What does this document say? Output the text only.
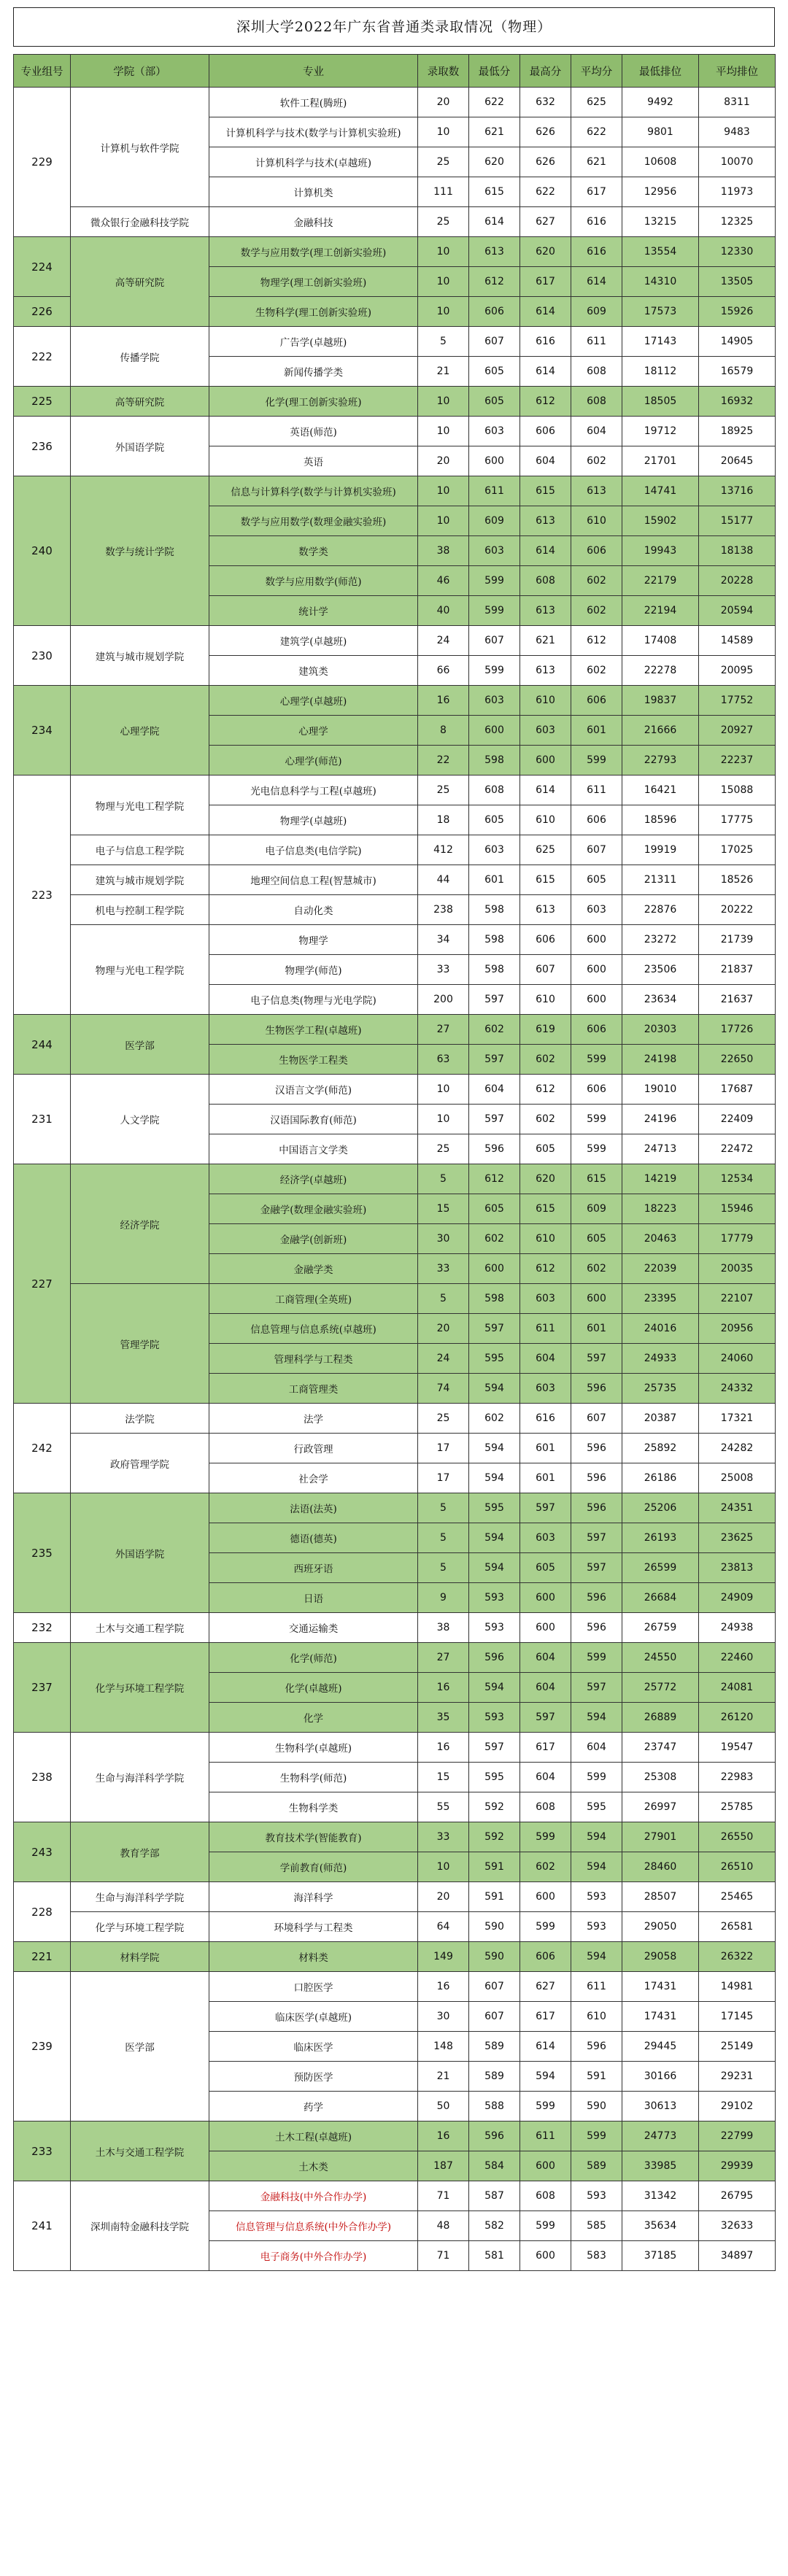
深圳大学2022年广东省普通类录取情况（物理）
专业组号	学院（部）	专业	录取数	最低分	最高分	平均分	最低排位	平均排位
229	计算机与软件学院	软件工程(腾班)	20	622	632	625	9492	8311
		计算机科学与技术(数学与计算机实验班)	10	621	626	622	9801	9483
		计算机科学与技术(卓越班)	25	620	626	621	10608	10070
		计算机类	111	615	622	617	12956	11973
	微众银行金融科技学院	金融科技	25	614	627	616	13215	12325
224	高等研究院	数学与应用数学(理工创新实验班)	10	613	620	616	13554	12330
		物理学(理工创新实验班)	10	612	617	614	14310	13505
226		生物科学(理工创新实验班)	10	606	614	609	17573	15926
222	传播学院	广告学(卓越班)	5	607	616	611	17143	14905
		新闻传播学类	21	605	614	608	18112	16579
225	高等研究院	化学(理工创新实验班)	10	605	612	608	18505	16932
236	外国语学院	英语(师范)	10	603	606	604	19712	18925
		英语	20	600	604	602	21701	20645
240	数学与统计学院	信息与计算科学(数学与计算机实验班)	10	611	615	613	14741	13716
		数学与应用数学(数理金融实验班)	10	609	613	610	15902	15177
		数学类	38	603	614	606	19943	18138
		数学与应用数学(师范)	46	599	608	602	22179	20228
		统计学	40	599	613	602	22194	20594
230	建筑与城市规划学院	建筑学(卓越班)	24	607	621	612	17408	14589
		建筑类	66	599	613	602	22278	20095
234	心理学院	心理学(卓越班)	16	603	610	606	19837	17752
		心理学	8	600	603	601	21666	20927
		心理学(师范)	22	598	600	599	22793	22237
223	物理与光电工程学院	光电信息科学与工程(卓越班)	25	608	614	611	16421	15088
		物理学(卓越班)	18	605	610	606	18596	17775
	电子与信息工程学院	电子信息类(电信学院)	412	603	625	607	19919	17025
	建筑与城市规划学院	地理空间信息工程(智慧城市)	44	601	615	605	21311	18526
	机电与控制工程学院	自动化类	238	598	613	603	22876	20222
	物理与光电工程学院	物理学	34	598	606	600	23272	21739
		物理学(师范)	33	598	607	600	23506	21837
		电子信息类(物理与光电学院)	200	597	610	600	23634	21637
244	医学部	生物医学工程(卓越班)	27	602	619	606	20303	17726
		生物医学工程类	63	597	602	599	24198	22650
231	人文学院	汉语言文学(师范)	10	604	612	606	19010	17687
		汉语国际教育(师范)	10	597	602	599	24196	22409
		中国语言文学类	25	596	605	599	24713	22472
227	经济学院	经济学(卓越班)	5	612	620	615	14219	12534
		金融学(数理金融实验班)	15	605	615	609	18223	15946
		金融学(创新班)	30	602	610	605	20463	17779
		金融学类	33	600	612	602	22039	20035
	管理学院	工商管理(全英班)	5	598	603	600	23395	22107
		信息管理与信息系统(卓越班)	20	597	611	601	24016	20956
		管理科学与工程类	24	595	604	597	24933	24060
		工商管理类	74	594	603	596	25735	24332
242	法学院	法学	25	602	616	607	20387	17321
	政府管理学院	行政管理	17	594	601	596	25892	24282
		社会学	17	594	601	596	26186	25008
235	外国语学院	法语(法英)	5	595	597	596	25206	24351
		德语(德英)	5	594	603	597	26193	23625
		西班牙语	5	594	605	597	26599	23813
		日语	9	593	600	596	26684	24909
232	土木与交通工程学院	交通运输类	38	593	600	596	26759	24938
237	化学与环境工程学院	化学(师范)	27	596	604	599	24550	22460
		化学(卓越班)	16	594	604	597	25772	24081
		化学	35	593	597	594	26889	26120
238	生命与海洋科学学院	生物科学(卓越班)	16	597	617	604	23747	19547
		生物科学(师范)	15	595	604	599	25308	22983
		生物科学类	55	592	608	595	26997	25785
243	教育学部	教育技术学(智能教育)	33	592	599	594	27901	26550
		学前教育(师范)	10	591	602	594	28460	26510
228	生命与海洋科学学院	海洋科学	20	591	600	593	28507	25465
	化学与环境工程学院	环境科学与工程类	64	590	599	593	29050	26581
221	材料学院	材料类	149	590	606	594	29058	26322
239	医学部	口腔医学	16	607	627	611	17431	14981
		临床医学(卓越班)	30	607	617	610	17431	17145
		临床医学	148	589	614	596	29445	25149
		预防医学	21	589	594	591	30166	29231
		药学	50	588	599	590	30613	29102
233	土木与交通工程学院	土木工程(卓越班)	16	596	611	599	24773	22799
		土木类	187	584	600	589	33985	29939
241	深圳南特金融科技学院	金融科技(中外合作办学)	71	587	608	593	31342	26795
		信息管理与信息系统(中外合作办学)	48	582	599	585	35634	32633
		电子商务(中外合作办学)	71	581	600	583	37185	34897
